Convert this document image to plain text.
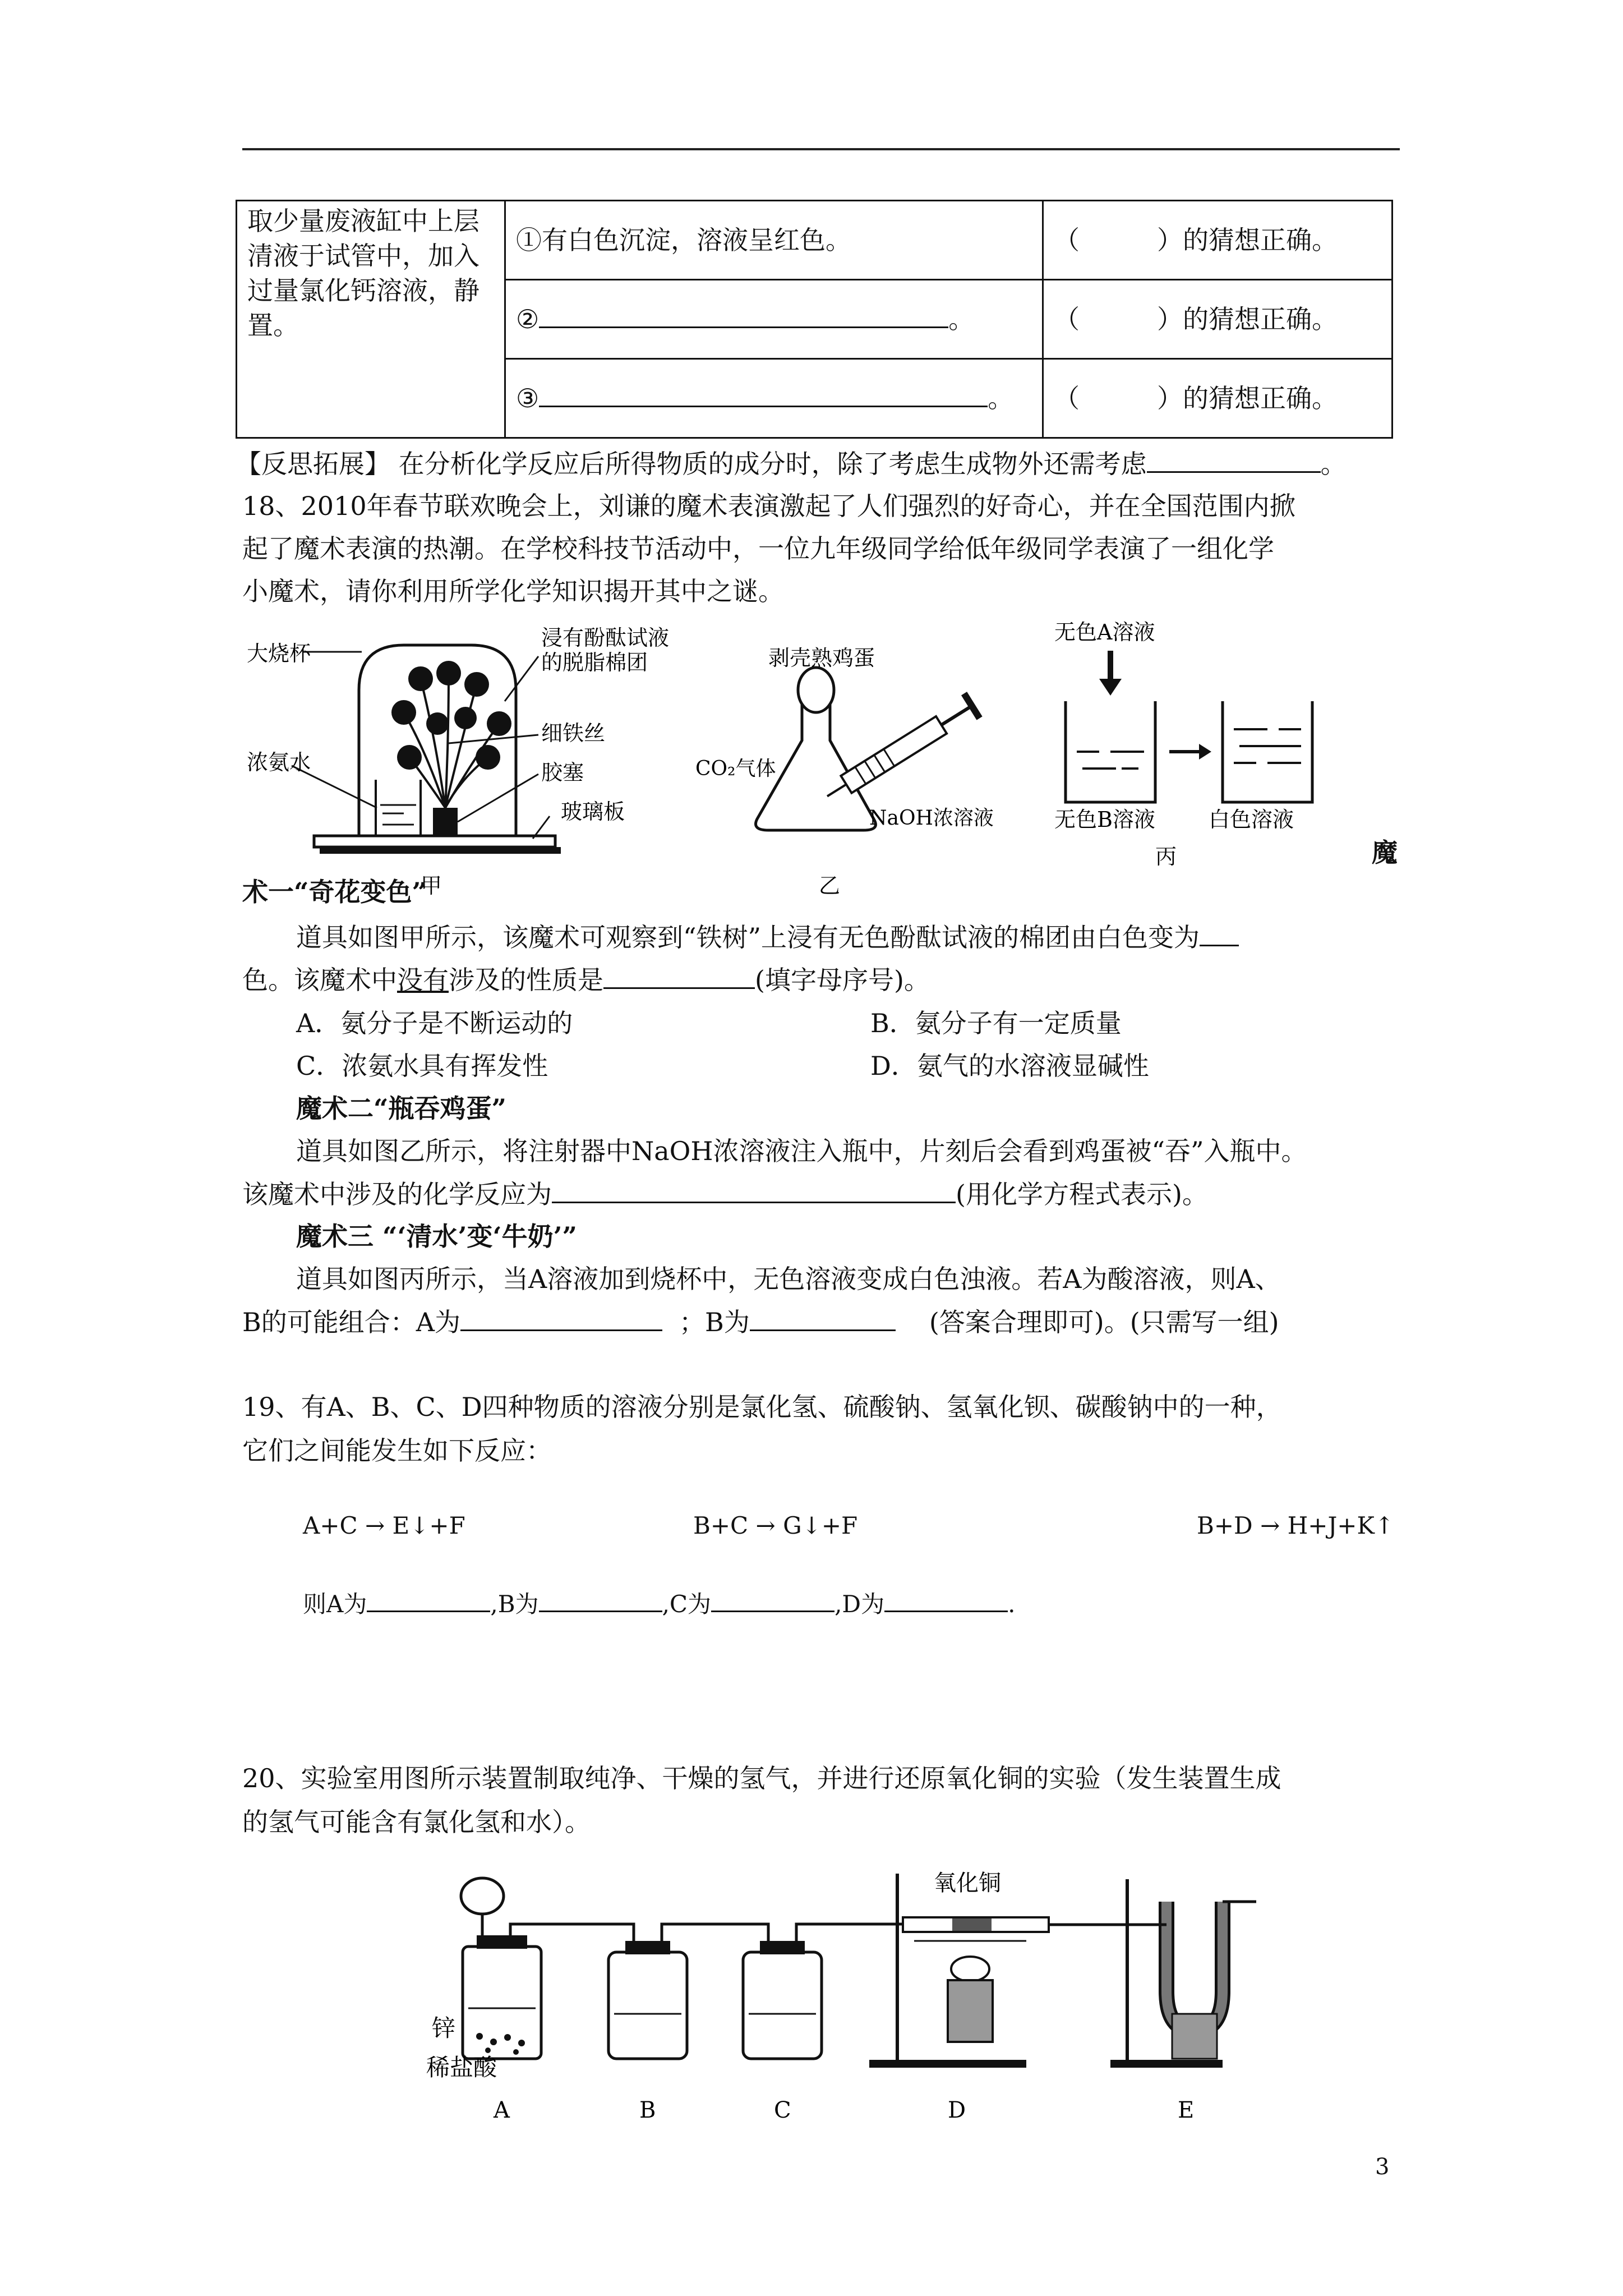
取少量废液缸中上层清液于试管中，加入过量氯化钙溶液，静置。	①有白色沉淀，溶液呈红色。	（　　　）的猜想正确。
	② 。	（　　　）的猜想正确。
	③ 。	（　　　）的猜想正确。
【反思拓展】 在分析化学反应后所得物质的成分时，除了考虑生成物外还需考虑	。
18、2010年春节联欢晚会上，刘谦的魔术表演激起了人们强烈的好奇心，并在全国范围内掀
起了魔术表演的热潮。在学校科技节活动中，一位九年级同学给低年级同学表演了一组化学
小魔术，请你利用所学化学知识揭开其中之谜。
大烧杯
浸有酚酞试液
的脱脂棉团
细铁丝
浓氨水	胶塞
玻璃板
甲
剥壳熟鸡蛋
CO₂气体
NaOH浓溶液
乙
无色A溶液
无色B溶液	白色溶液
丙	魔
术一“奇花变色”
道具如图甲所示，该魔术可观察到“铁树”上浸有无色酚酞试液的棉团由白色变为
色。该魔术中没有涉及的性质是	(填字母序号)。
A．氨分子是不断运动的	B．氨分子有一定质量
C．浓氨水具有挥发性	D．氨气的水溶液显碱性
魔术二“瓶吞鸡蛋”
道具如图乙所示，将注射器中NaOH浓溶液注入瓶中，片刻后会看到鸡蛋被“吞”入瓶中。
该魔术中涉及的化学反应为	(用化学方程式表示)。
魔术三 “‘清水’变‘牛奶’”
道具如图丙所示，当A溶液加到烧杯中，无色溶液变成白色浊液。若A为酸溶液，则A、
B的可能组合：A为	；B为	(答案合理即可)。(只需写一组)
19、有A、B、C、D四种物质的溶液分别是氯化氢、硫酸钠、氢氧化钡、碳酸钠中的一种，
它们之间能发生如下反应：
A+C → E↓+F	B+C → G↓+F	B+D → H+J+K↑
则A为	,B为	,C为	,D为	.
20、实验室用图所示装置制取纯净、干燥的氢气，并进行还原氧化铜的实验（发生装置生成
的氢气可能含有氯化氢和水）。
氧化铜
锌
稀盐酸
A	B	C	D	E
3
